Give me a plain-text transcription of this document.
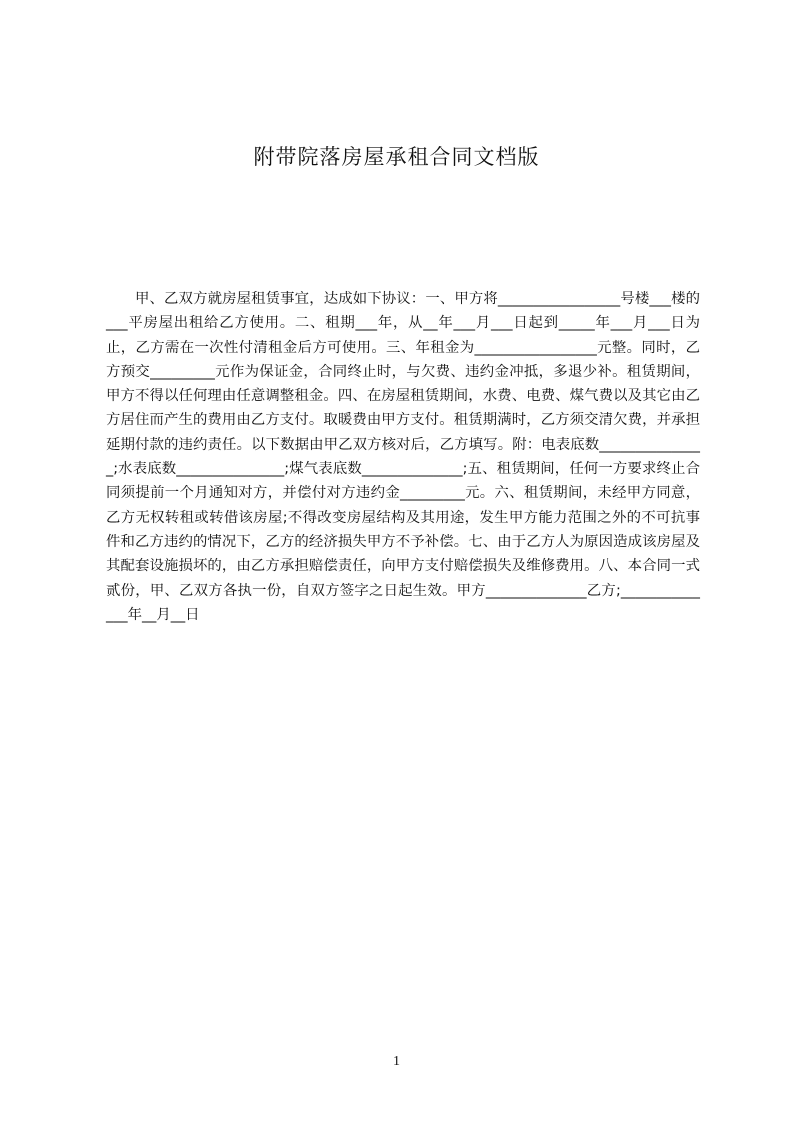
附带院落房屋承租合同文档版

甲、乙双方就房屋租赁事宜，达成如下协议：一、甲方将_________________号楼___楼的___平房屋出租给乙方使用。二、租期___年，从__年___月___日起到_____年___月___日为止，乙方需在一次性付清租金后方可使用。三、年租金为_________________元整。同时，乙方预交_________元作为保证金，合同终止时，与欠费、违约金冲抵，多退少补。租赁期间，甲方不得以任何理由任意调整租金。四、在房屋租赁期间，水费、电费、煤气费以及其它由乙方居住而产生的费用由乙方支付。取暖费由甲方支付。租赁期满时，乙方须交清欠费，并承担延期付款的违约责任。以下数据由甲乙双方核对后，乙方填写。附：电表底数_______________;水表底数_______________;煤气表底数______________;五、租赁期间，任何一方要求终止合同须提前一个月通知对方，并偿付对方违约金_________元。六、租赁期间，未经甲方同意，乙方无权转租或转借该房屋;不得改变房屋结构及其用途，发生甲方能力范围之外的不可抗事件和乙方违约的情况下，乙方的经济损失甲方不予补偿。七、由于乙方人为原因造成该房屋及其配套设施损坏的，由乙方承担赔偿责任，向甲方支付赔偿损失及维修费用。八、本合同一式贰份，甲、乙双方各执一份，自双方签字之日起生效。甲方______________乙方;______________年__月__日

1
